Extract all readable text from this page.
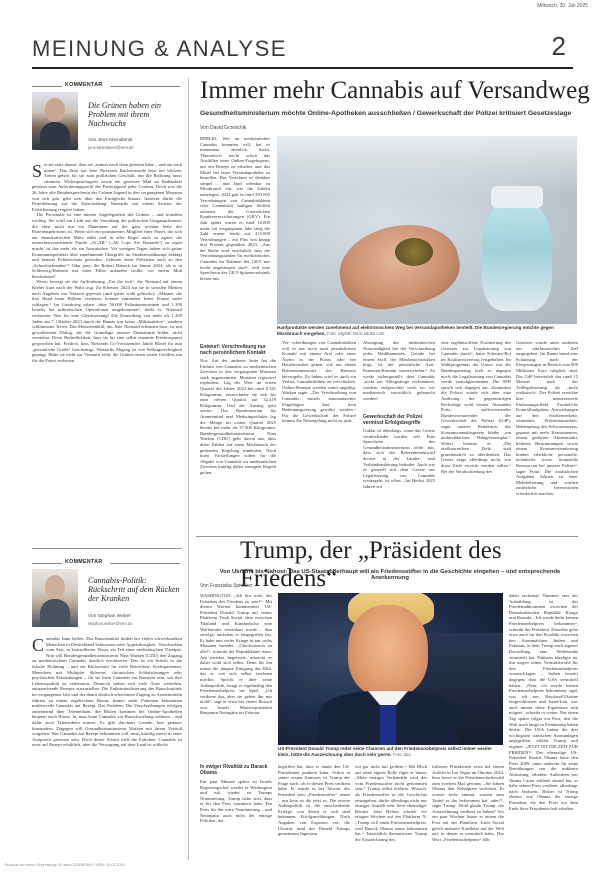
Mittwoch, 30. Juli 2025
MEINUNG & ANALYSE	2
KOMMENTAR
Die Grünen haben ein Problem mit ihrem Nachwuchs
Von Jens Kleindienst
jens.kleindienst@vrm.de
Sie sei stolz darauf, dass sie „immer nach oben getreten habe – und nie nach unten“. Das Zitat aus Jette Nietzards Rücktrittsrede lässt tief blicken. Treten gehört für sie zum politischen Geschäft, nur die Richtung muss stimmen. Widerspruchsgeist sowie ein gewisses Maß an Radikalität gehören zum Anforderungsprofil der Parteijugend jeder Couleur. Doch was die 26 Jahre alte Bundessprecherin der Grünen Jugend in den vergangenen Monaten von sich gab, geht weit über das Erträgliche hinaus. Insofern dürfte die Parteiführung auf die Entscheidung Nietzards mit einem Seufzer der Erleichterung reagiert haben.
Die Personalie ist eine interne Angelegenheit der Grünen – und trotzdem wichtig. Sie wirft ein Licht auf die Verrohung der politischen Umgangsformen, die eben nicht nur ein Phänomen auf der ganz rechten Seite des Parteienspektrums ist. Wenn sich ein prominentes Mitglied einer Partei, die sich zur demokratischen Mitte zählt und in aller Regel auch so agiert, die menschenverachtende Parole „ACAB“ („All Cops Are Bastards“) zu eigen macht, ist das mehr als ein Ausrutscher. Vor wenigen Tagen haben sich grüne Kommunalpolitiker über zunehmende Übergriffe im Straßenwahlkampf beklagt und benutzt Polizeischutz gefordert. Gehören diese Polizisten auch zu den „Schweinehunden“? Oder jene, die Robert Habeck im Januar 2024, als er in Schleswig-Holstein mit einer Fähre anlanden wollte, vor einem Mob beschützten?
Wieso bewegt sie die Aufforderung „Eat the rich“, die Nietzard auf einem Kleber kurz nach der Wahl trug. Zu Silvester 2024 hat sie in sozialen Medien nach Angaben von Nutzern gepostet (und später wohl gelöscht): „Männer, die ihre Hand beim Böllern verlieren, können zumindest keine Frauen mehr schlagen.“ Im Gazakrieg sehen „über 50.000 Palästinenserinnen und 1.200 Israelis bei militärischen Operationen umgekommen“, heißt es. Nietzard verlautete: Was für eine Gleichsetzung! Die Ermordung von mehr als 1.200 Juden am 7. Oktober 2023 durch die Hamas war keine „Militäraktion“, sondern schlimmster Terror. Das Menschenbild, das Jette Nietzard erkennen lässt, ist mit gewaltfreiem Dialog, der die Grundlage unserer Demokratie bildet, nicht vereinbar. Diese Befindlichkeit, dass sie für eine selbst ernannte Friedenspartei gesprochen hat. Freilich, dass Nietzards Co-Vorsitzender Jakob Blasel ihr nun „persönliche Größe“ bescheinigt, Nietzards Abgang ist von Selbstgerechtigkeit geprägt. Hätte sie nicht zur Vernunft sieht, die Grünen einen ersten Gefallen tun für die Partei verlassen.
KOMMENTAR
Cannabis-Politik: Rückschritt auf dem Rücken der Kranken
Von Stephan Weber
stephan.weber@vrm.de
Cannabis kann helfen. Das Rauschmittel lindert bei vielen schwerkranken Menschen in Deutschland Schmerzen oder Appetitlosigkeit. Verschrieben vom Arzt, in kontrollierter Dosis, als Teil einer medizinischen Therapie. Nun will Bundesgesundheitsministerin Nina Warken (CDU) den Zugang zu medizinischem Cannabis deutlich erschweren. Das ist ein Schritt in die falsche Richtung – und ein Rückschritt für viele Betroffene: Krebspatienten, Menschen mit Multipler Sklerose, chronischen Schlafstörungen oder psychischen Erkrankungen – für sie kann Cannabis ein Baustein sein, um ihre Lebensqualität zu verbessern. Dennoch stehen sich viele Ärzte weiterhin, entsprechende Rezepte auszustellen. Die Entkriminalisierung des Rauschmittels im vergangenen Jahr und der damit deutlich erleichterte Zugang zu Arzneimitteln führten zu einem regelrechten Boom: Immer mehr Patienten bekommen mittlerweile Cannabis auf Rezept. Das Problem: Die Verschreibungen erfolgen zunehmend über Telemedizin, die Blüten kommen bei Online-Apotheken bequem nach Hause. Ja, man kann Cannabis zur Rauschwirkung nehmen – und dafür auch Telemedizin nutzen. Es gibt durchaus Gründe, hier genauer hinzusehen. Dagegen will Gesundheitsministerin Warken mit ihrem Vorstoß vorgehen: Wer Cannabis auf Rezept bekommen will, muss künftig zuerst in einer Arztpraxis gewesen sein. Doch dieser Schritt trifft die Falschen. Cannabis ist zwar auf Rezept erhältlich, aber die Versorgung auf dem Land ist schlecht.
Immer mehr Cannabis auf Versandweg
Gesundheitsministerium möchte Online-Apotheken ausschließen / Gewerkschaft der Polizei kritisiert Gesetzeslage
Von David Grzeschik
BERLIN. Wer an medizinisches Cannabis kommen will, hat es momentan ziemlich leicht. Theoretisch reicht schon das Ausfüllen eines Online-Fragebogens, um ein Rezept zu erhalten und das Mittel bei einer Versandapotheke zu bestellen. Das Verfahren ist denkbar simpel – und läuft offenbar zu Missbrauch ein, wie die Zahlen nahelegen. 2024 gab es rund 393.000 Verordnungen von Cannabisblüten oder Cannabisöl haltigen Stoffen zulasten der Gesetzlichen Krankenversicherungen (GKV). Ein Jahr später waren es rund 10.000 mehr, im vergangenen Jahr stieg die Zahl erneut leicht auf 415.000 Verordnungen – ein Plus von knapp drei Prozent gegenüber 2023. „Aus der Reihe wird ersichtlich, dass die Verordnungszahlen für medizinisches Cannabis im Rahmen der GKV nur leicht angestiegen sind“, teilt eine Sprecherin des GKV-Spitzenverbands hierzu mit.
Hanfprodukte werden zunehmend auf elektronischem Weg bei Versandapotheken bestellt. Die Bundesregierung möchte gegen Missbrauch vorgehen. Foto: esgfoth stock.adobe.com
Entwurf: Verschreibung nur nach persönlichem Kontakt
Nur: Auf der anderen Seite hat die Einfuhr von Cannabis zu medizinischen Zwecken in den vergangenen Monaten stark zugenommen. Monaten registriert explodiert. Lag der Wert im ersten Quartal des Jahres 2024 bei rund 8.141 Kilogramm, verzeichnete sie sich bis zum vierten Quartal auf 32.419 Kilogramm. Und der Anstieg geht weiter: Das Bundesinstitut für Arzneimittel und Medizinprodukte lag die Menge im ersten Quartal 2025 bereits bei mehr als 37.000 Kilogramm. Bundesgesundheitsministerin Nina Warken (CDU) geht davon aus, dass diese Zahlen auf einen Missbrauch der geltenden Regelung hindeuten. Nach ihren Vorstellungen sollen für die Abgabe von Cannabis zu medizinischen Zwecken künftig daher strengere Regeln gelten.
Ver- schreibungen von Cannabisblüten will es nur noch nach persönlichem Kontakt mit einem Arzt oder einer Ärztin in der Praxis oder bei Hausbesuchen geben, wie aus einem Referentenentwurf des Ressorts hervorgeht. Zu haben wird es auch ein Verbot, Cannabisblüten zu verschicken. Online-Rezepte werden somit ungültig. Warken sagte: „Der Verschreibung von Cannabis mittels automatisierter Fragebögen darf kein Bedeutungsverzug gewährt werden.“ Für die Gewerkschaft der Polizei kommt die Neuregelung nicht zu spät.
Abwägung der medizinischen Notwendigkeit bei der Verschreibung jedes Medikamentes. Gerade bei einem Stoff, der Missbrauchsrisiken birgt, ist der persönliche Arzt-Patienten-Kontakt unverzichtbar.“ So werde sichergestellt, dass Cannabis „nicht zur Alltagsdroge verkommen, sondern zielgerichtet wird, wo wir medizinisch tatsächlich gebraucht werden“.
Gewerkschaft der Polizei vermisst Erfolgsbegriffe
Unklar ist allerdings, wann das Gesetz verabschiedet werden soll. Eine Sprecherin des Gesundheitsministeriums teilte mit, dass sich der Referentenentwurf derzeit in der Länder- und Verbändeanhörung befindet. Auch wie es generell mit dem Gesetz zur Legalisierung von Cannabis weitergeht, ist offen. „Im Herbst 2025 führen wir
eine ergebnisoffene Evaluierung des Gesetzes zur Legalisierung von Cannabis durch“, hatte Schwarz-Rot im Koalitionsvertrag festgehalten. Im Wahlprogramm der Union war der Bundesparteitag hielt es dagegen noch, die Legalisierung von Cannabis werde zurückgenommen. Die SPD sprach sich dagegen aus. Zumindest die Polizei würde sich über eine Änderung der gegenwärtigen Rechtslage wohl freuen. Alexander Poitz, stellvertretender Bundesvorsitzender der Gewerkschaft der Polizei (GdP), sagte unserer Redaktion, das Konsumcannabisgesetz bleibe „ein undurchdachtes Mängelexemplar“. Weiter betonte er: „Die einflussreichen Ziele sind grundsätzlich zu überdenken. Das Gesetz zeige allerdings nicht, wie diese Ziele erreicht werden sollen.“ Bei der Verabschiedung des
Gesetzes wurde unter anderem ein einflussreiches Ziel ausgegeben: Im Raum stand eine Schätzung, nach der Einsparungen in Bereich von 800 Millionen Euro möglich sind. Die GdP bezweifelt das rund 15 Monate nach der Teillegalisierung, als „nicht realistisch“. Der Polizei erreichte hier nennenswerte Entlastungseffekt. Zusätzliche Kontrollaufgaben, Auswirkungen auf den Straßenverkehr, vermehrte Präventionsarbeit. Bekämpfung des Schwarzmarkts, gepaart mit mehr Konsumenten, einem größeren Absatzmarkt, höheren Bestimmungen sowie einem Konsumorientierung binden erhebliche personelle, technische sowie finanzielle Ressourcen bei unserer Polizei“, sagte Poitz. Die zusätzlichen Aufgaben führten zu einer Mehrbelastung und würden zusätzliche Investitionen erforderlich machen.
Trump, der „Präsident des Friedens“
Von Ukraine bis Nahost: Das US-Staatsoberhaupt will als Friedensstifter in die Geschichte eingehen – und entsprechende Anerkennung
Von Franziska Spiecker
WASHINGTON. „Ich bin stolz, der Präsident des Friedens zu sein!“: Mit diesen Worten kommentiert US-Präsident Donald Trump auf seiner Plattform Truth Social, dass zwischen Thailand und Kambodscha eine Waffenruhe vereinbart wurde – ihm zufolge, nachdem er eingegriffen hat. Er habe nun vieler Kriege in nur sechs Monaten beendet. „Glückwunsch an alle!“, schreibt der Republikaner dazu. Am meisten begeistert: wünscht er dabei wohl sich selbst. Denn für ihn müsst die jüngste Einigung das Bild, das er von sich selbst zeichnen möchte. Spricht er über seine Außenpolitik, bringt er regelmäßig den Friedensnobelpreis ins Spiel. „Ich verdiene ihn, aber sie geben ihn mir nicht“, sagt er etwa bei einem Besuch von Israels Ministerpräsident Benjamin Netanjahu im Februar.
In ewiger Rivalität zu Barack Obama
Ein paar Monate später ist Israels Regierungschef wieder in Washington und ruft wieder zu Trumps Nominierung. Trump habe sich, dass er für den Preis nominiert habe. Ein Preis für ihn wäre Nominierung – und Netanjahu auch nicht der einzige Politiker, der
US-Präsident Donald Trump redet seine Chancen auf den Friedensnobelpreis selbst immer wieder klein, hätte die Auszeichnung aber doch sehr gerne. Foto: dpa
begriffen hat, dass er damit den US-Präsidenten punkten kann. Schon in seiner ersten Amtszeit ist Trump der Frage nach, ob er diesen Preis verdient habe. Er wurde es bei Taiwan, der Präsident sein „Friedensstifter“ nennt – nur kein so die jetzt es. Die zweite Außenpolitik ist die entscheidende Erfolge, von denen er sich sind bekennen Erfolgsmeldungen. Nach Angaben von Experten vor, die Ukraine rund um Donald Trumps gemeinsam Ingenieur
wir gar nicht mit großem.“ Mit Blick auf seine eigene Rolle fügte er hinzu: „Mein mutiges Verhandeln wird das vom Friedensstifter nicht genommen sein.“ Trump selbst erklärte: Wusach, als Friedensstifter in die Geschichte einzugehen, dürfte allerdings nicht nur einziger Antrieb sein. Sein ehemaliger Berater John Bolton schrieb vor einigen Wochen auf der Plattform X: „Trump will einen Friedensnobelpreis, weil Barack Obama einen bekommen hat.“ Tatsächlich thematisierte Trump die Auszeichnung des
früheren Präsidenten erwa bei einem Auftritt in Las Vegas im Oktober 2024, kurz bevor er die Präsidentschaftswahl zum zweiten Mal gewann. „Sie haben Obama den Nobelpreis verliehen. Er wusste nicht einmal, warum zum Teufel er ihn bekommen hat, oder?“, sagte Trump. Wohl glaubt Trump, die Auszeichnung verdient zu haben? Vor ein paar Wochen listete er einem die Post auf der Plattform Truth Social gleich mehrere Konflikte auf der Welt auf, in denen er vermittelt habe. Das Wort „Friedensnobelpreis“ fällt
dabei sechsmal. Nummer eins der Aufzählung ist das Friedensabkommen zwischen der Demokratischen Republik Kongo und Ruanda. „Ich werde dafür keinen Friedensnobelpreis bekommen“, schreibt der Präsident. Dasselbe gelte etwa auch für den Konflikt zwischen den Atommächten Indien und Pakistan, in dem Trump nach eigener Darstellung eine Waffenruhe vermittelt hat. Pakistan kündigte an, ihn wegen seiner Vermittlerrolle für den Friedensnobelpreis vorzuschlagen – Indien bestritt dagegen, dass die USA vermittelt hätten. „Nein, ich werde keinen Friedensnobelpreis bekommen, egal, was ich tue, Russland/Ukraine eingeschlossen und Israel/Iran, was auch immer diese Ergebnisse sein mögen“, schreibt er weiter. Nur einen Tag später folgte ein Post, den die Welt noch lange in Erinnerung haben dürfte: Die USA haben die drei wichtigsten iranischen Atomanlagen angegriffen, erklärt Trump und ergänzt: „JETZT IST DIE ZEIT FÜR FRIEDEN!“ Der ehemalige US-Präsident Barack Obama hatte den Preis 2009, unter anderem für seine Bemühungen um die nukleare Abrüstung, erhalten. Außerdem war Jimmy Carter erklärte darauf hin, er habe seinen Preis verdient, allerdings nach Amtszeit. Bisher ist Trump ebenso wie Obama die einzige Präsident, die den Preis vor dem Ende ihrer Präsidentschaft erhalten.
Gedruckt auf einem Einpressung: 00-abcd-1234567890 / VRM / 30.07.2025
